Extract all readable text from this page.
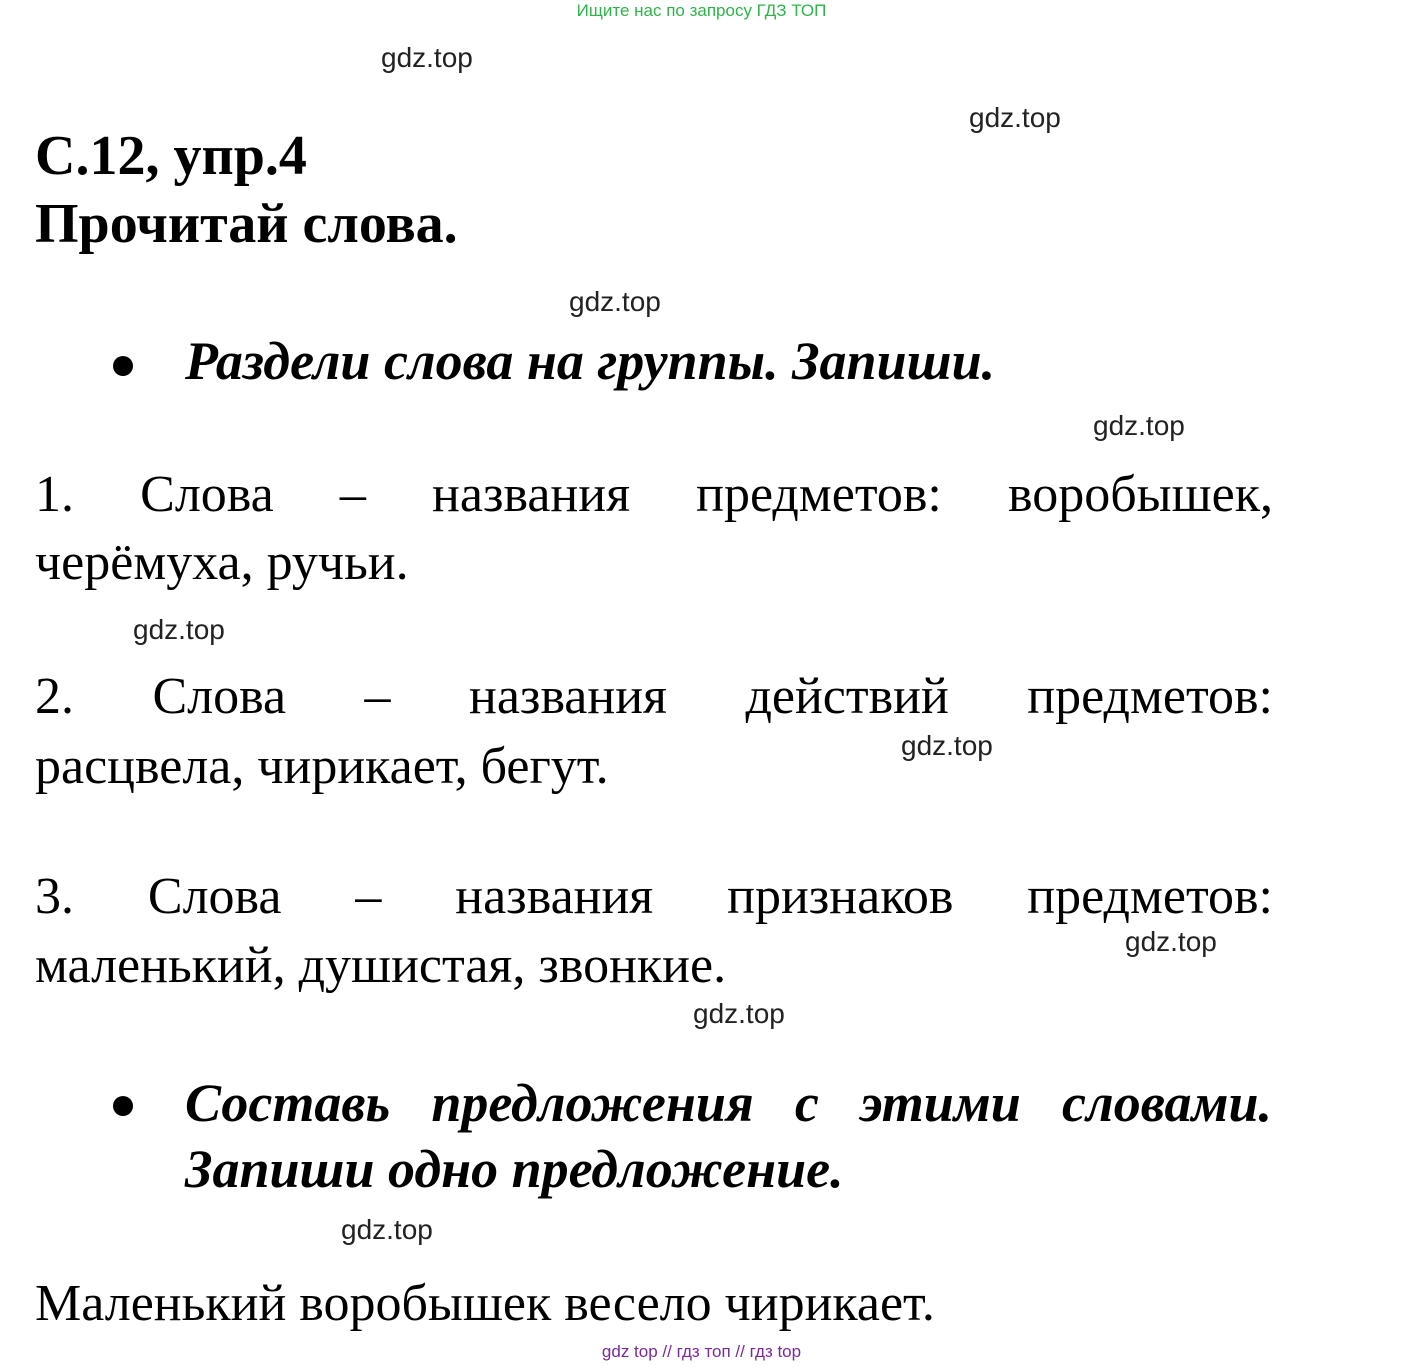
Ищите нас по запросу ГДЗ ТОП
gdz.top
gdz.top
gdz.top
gdz.top
gdz.top
gdz.top
gdz.top
gdz.top
gdz.top
С.12, упр.4
Прочитай слова.
Раздели слова на группы. Запиши.
1. Слова – названия предметов: воробышек,
черёмуха, ручьи.
2. Слова – названия действий предметов:
расцвела, чирикает, бегут.
3. Слова – названия признаков предметов:
маленький, душистая, звонкие.
Составь предложения с этими словами.
Запиши одно предложение.
Маленький воробышек весело чирикает.
gdz top // гдз топ // гдз top
